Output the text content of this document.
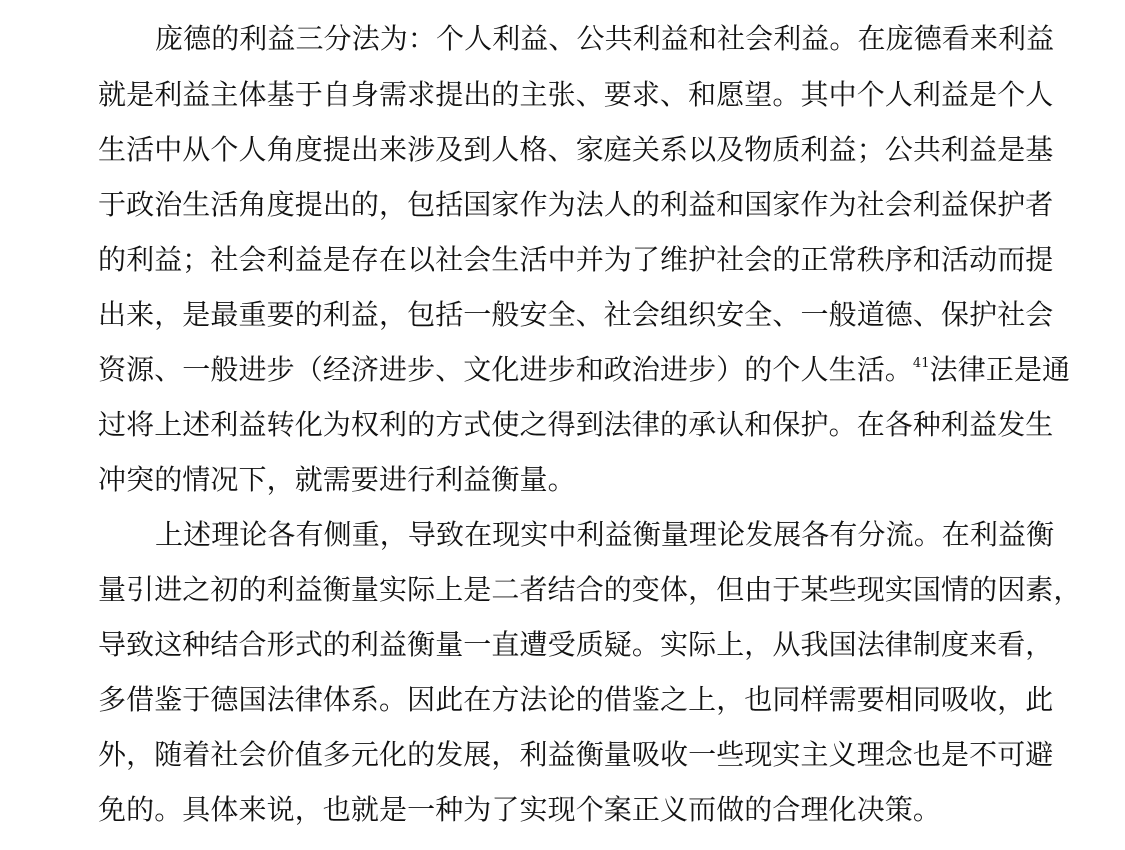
庞德的利益三分法为：个人利益、公共利益和社会利益。在庞德看来利益
就是利益主体基于自身需求提出的主张、要求、和愿望。其中个人利益是个人
生活中从个人角度提出来涉及到人格、家庭关系以及物质利益；公共利益是基
于政治生活角度提出的，包括国家作为法人的利益和国家作为社会利益保护者
的利益；社会利益是存在以社会生活中并为了维护社会的正常秩序和活动而提
出来，是最重要的利益，包括一般安全、社会组织安全、一般道德、保护社会
资源、一般进步（经济进步、文化进步和政治进步）的个人生活。$^{41}$法律正是通
过将上述利益转化为权利的方式使之得到法律的承认和保护。在各种利益发生
冲突的情况下，就需要进行利益衡量。
上述理论各有侧重，导致在现实中利益衡量理论发展各有分流。在利益衡
量引进之初的利益衡量实际上是二者结合的变体，但由于某些现实国情的因素，
导致这种结合形式的利益衡量一直遭受质疑。实际上，从我国法律制度来看，
多借鉴于德国法律体系。因此在方法论的借鉴之上，也同样需要相同吸收，此
外，随着社会价值多元化的发展，利益衡量吸收一些现实主义理念也是不可避
免的。具体来说，也就是一种为了实现个案正义而做的合理化决策。
